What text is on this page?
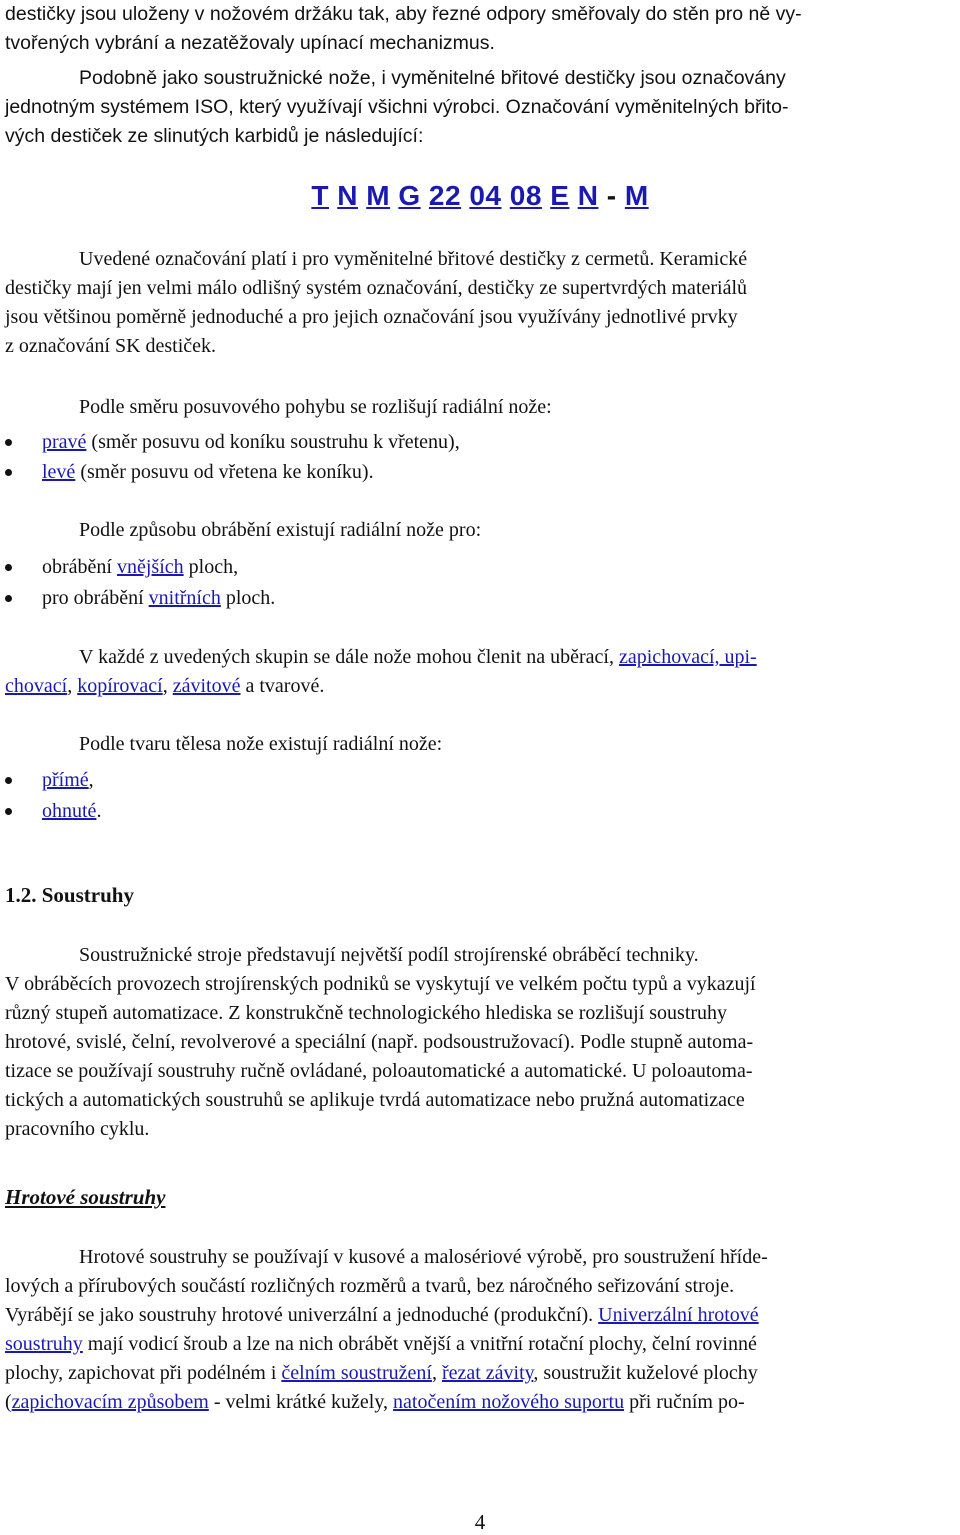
destičky jsou uloženy v nožovém držáku tak, aby řezné odpory směřovaly do stěn pro ně vy-
tvořených vybrání a nezatěžovaly upínací mechanizmus.
Podobně jako soustružnické nože, i vyměnitelné břitové destičky jsou označovány
jednotným systémem ISO, který využívají všichni výrobci. Označování vyměnitelných břito-
vých destiček ze slinutých karbidů je následující:
T N M G 22 04 08 E N - M
Uvedené označování platí i pro vyměnitelné břitové destičky z cermetů. Keramické
destičky mají jen velmi málo odlišný systém označování, destičky ze supertvrdých materiálů
jsou většinou poměrně jednoduché a pro jejich označování jsou využívány jednotlivé prvky
z označování SK destiček.
Podle směru posuvového pohybu se rozlišují radiální nože:
pravé (směr posuvu od koníku soustruhu k vřetenu),
levé (směr posuvu od vřetena ke koníku).
Podle způsobu obrábění existují radiální nože pro:
obrábění vnějších ploch,
pro obrábění vnitřních ploch.
V každé z uvedených skupin se dále nože mohou členit na uběrací, zapichovací, upi-
chovací, kopírovací, závitové a tvarové.
Podle tvaru tělesa nože existují radiální nože:
přímé,
ohnuté.
1.2. Soustruhy
Soustružnické stroje představují největší podíl strojírenské obráběcí techniky.
V obráběcích provozech strojírenských podniků se vyskytují ve velkém počtu typů a vykazují
různý stupeň automatizace. Z konstrukčně technologického hlediska se rozlišují soustruhy
hrotové, svislé, čelní, revolverové a speciální (např. podsoustružovací). Podle stupně automa-
tizace se používají soustruhy ručně ovládané, poloautomatické a automatické. U poloautoma-
tických a automatických soustruhů se aplikuje tvrdá automatizace nebo pružná automatizace
pracovního cyklu.
Hrotové soustruhy
Hrotové soustruhy se používají v kusové a malosériové výrobě, pro soustružení hříde-
lových a přírubových součástí rozličných rozměrů a tvarů, bez náročného seřizování stroje.
Vyrábějí se jako soustruhy hrotové univerzální a jednoduché (produkční). Univerzální hrotové
soustruhy mají vodicí šroub a lze na nich obrábět vnější a vnitřní rotační plochy, čelní rovinné
plochy, zapichovat při podélném i čelním soustružení, řezat závity, soustružit kuželové plochy
(zapichovacím způsobem - velmi krátké kužely, natočením nožového suportu při ručním po-
4
